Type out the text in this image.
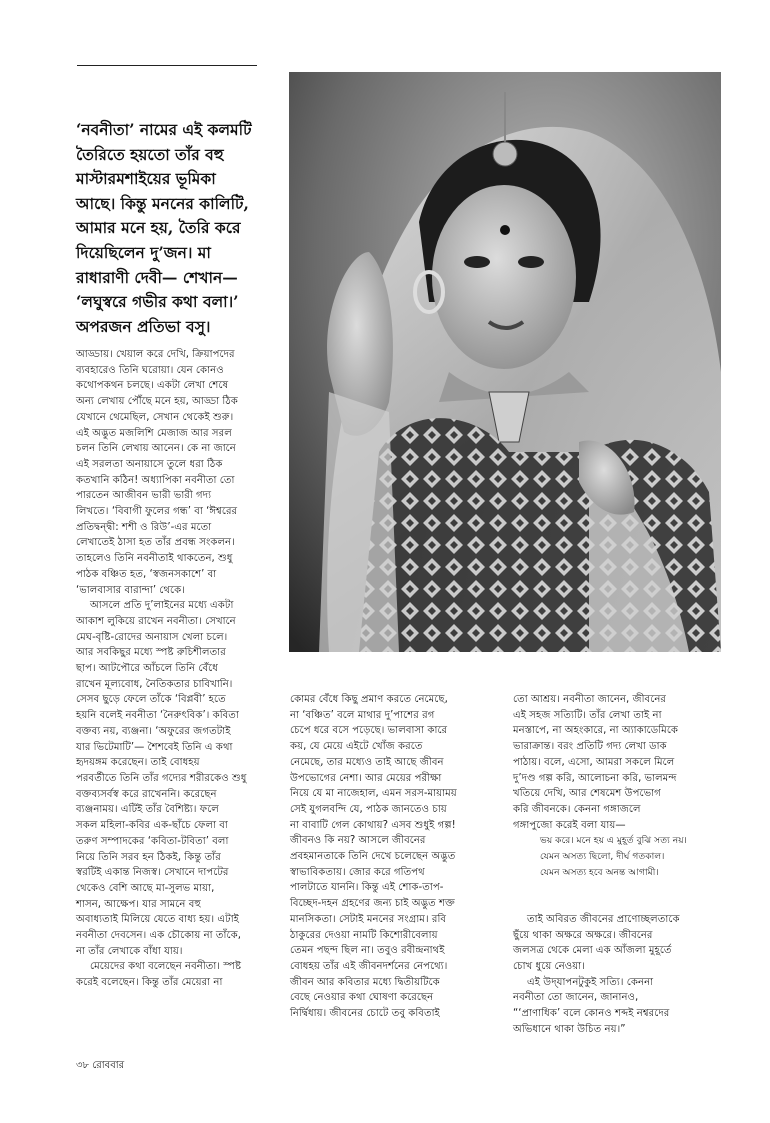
‘নবনীতা’ নামের এই কলমটি
তৈরিতে হয়তো তাঁর বহু
মাস্টারমশাইয়ের ভূমিকা
আছে। কিন্তু মননের কালিটি,
আমার মনে হয়, তৈরি করে
দিয়েছিলেন দু’জন। মা
রাধারাণী দেবী— শেখান—
‘লঘুস্বরে গভীর কথা বলা।’
অপরজন প্রতিভা বসু।
আড্ডায়। খেয়াল করে দেখি, ক্রিয়াপদের
ব্যবহারেও তিনি ঘরোয়া। যেন কোনও
কথোপকথন চলছে। একটা লেখা শেষে
অন্য লেখায় পৌঁছে মনে হয়, আড্ডা ঠিক
যেখানে থেমেছিল, সেখান থেকেই শুরু।
এই অদ্ভুত মজলিশি মেজাজ আর সরল
চলন তিনি লেখায় আনেন। কে না জানে
এই সরলতা অনায়াসে তুলে ধরা ঠিক
কতখানি কঠিন! অধ্যাপিকা নবনীতা তো
পারতেন আজীবন ভারী ভারী গদ্য
লিখতে। ‘বিবাগী ফুলের গন্ধ’ বা ‘ঈশ্বরের
প্রতিদ্বন্দ্বী: শশী ও রিউ’-এর মতো
লেখাতেই ঠাসা হত তাঁর প্রবন্ধ সংকলন।
তাহলেও তিনি নবনীতাই থাকতেন, শুধু
পাঠক বঞ্চিত হত, ‘স্বজনসকাশে’ বা
‘ভালবাসার বারান্দা’ থেকে।
আসলে প্রতি দু’লাইনের মধ্যে একটা
আকাশ লুকিয়ে রাখেন নবনীতা। সেখানে
মেঘ-বৃষ্টি-রোদের অনায়াস খেলা চলে।
আর সবকিছুর মধ্যে স্পষ্ট রুচিশীলতার
ছাপ। আটপৌরে আঁচলে তিনি বেঁধে
রাখেন মূল্যবোধ, নৈতিকতার চাবিখানি।
সেসব ছুড়ে ফেলে তাঁকে ‘বিপ্লবী’ হতে
হয়নি বলেই নবনীতা ‘নৈরুৎবিক’। কবিতা
বক্তব্য নয়, ব্যঞ্জনা। ‘অফুরের জগতটাই
যার ভিটেমাটি’— শৈশবেই তিনি এ কথা
হৃদয়ঙ্গম করেছেন। তাই বোধহয়
পরবর্তীতে তিনি তাঁর গদ্যের শরীরকেও শুধু
বক্তব্যসর্বস্ব করে রাখেননি। করেছেন
ব্যঞ্জনাময়। এটিই তাঁর বৈশিষ্ট্য। ফলে
সকল মহিলা-কবির এক-ছাঁচে ফেলা বা
তরুণ সম্পাদকের ‘কবিতা-টবিতা’ বলা
নিয়ে তিনি সরব হন ঠিকই, কিন্তু তাঁর
স্বরটিই একান্ত নিজস্ব। সেখানে দাপটের
থেকেও বেশি আছে মা-সুলভ মায়া,
শাসন, আক্ষেপ। যার সামনে বহু
অবাধ্যতাই মিলিয়ে যেতে বাধ্য হয়। এটাই
নবনীতা দেবসেন। এক চৌকোয় না তাঁকে,
না তাঁর লেখাকে বাঁধা যায়।
মেয়েদের কথা বলেছেন নবনীতা। স্পষ্ট
করেই বলেছেন। কিন্তু তাঁর মেয়েরা না
কোমর বেঁধে কিছু প্রমাণ করতে নেমেছে,
না ‘বঞ্চিত’ বলে মাথার দু’পাশের রগ
চেপে ধরে বসে পড়েছে। ভালবাসা কারে
কয়, যে মেয়ে এইটে খোঁজ করতে
নেমেছে, তার মধ্যেও তাই আছে জীবন
উপভোগের নেশা। আর মেয়ের পরীক্ষা
নিয়ে যে মা নাজেহাল, এমন সরস-মায়াময়
সেই যুগলবন্দি যে, পাঠক জানতেও চায়
না বাবাটি গেল কোথায়? এসব শুধুই গল্প!
জীবনও কি নয়? আসলে জীবনের
প্রবহমানতাকে তিনি দেখে চলেছেন অদ্ভুত
স্বাভাবিকতায়। জোর করে গতিপথ
পালটাতে যাননি। কিন্তু এই শোক-তাপ-
বিচ্ছেদ-দহন গ্রহণের জন্য চাই অদ্ভুত শক্ত
মানসিকতা। সেটাই মননের সংগ্রাম। রবি
ঠাকুরের দেওয়া নামটি কিশোরীবেলায়
তেমন পছন্দ ছিল না। তবুও রবীন্দ্রনাথই
বোধহয় তাঁর এই জীবনদর্শনের নেপথ্যে।
জীবন আর কবিতার মধ্যে দ্বিতীয়টিকে
বেছে নেওয়ার কথা ঘোষণা করেছেন
নির্দ্বিধায়। জীবনের চোটে তবু কবিতাই
তো আশ্রয়। নবনীতা জানেন, জীবনের
এই সহজ সত্যিটি। তাঁর লেখা তাই না
মনস্তাপে, না অহংকারে, না অ্যাকাডেমিকে
ভারাক্রান্ত। বরং প্রতিটি গদ্য লেখা ডাক
পাঠায়। বলে, এসো, আমরা সকলে মিলে
দু’দণ্ড গল্প করি, আলোচনা করি, ভালমন্দ
খতিয়ে দেখি, আর শেষমেশ উপভোগ
করি জীবনকে। কেননা গঙ্গাজলে
গঙ্গাপুজো করেই বলা যায়—
ভয় করে। মনে হয় এ মুহূর্ত বুঝি সত্য নয়।
যেমন অসত্য ছিলো, দীর্ঘ গতকাল।
যেমন অসত্য হবে অনন্ত আগামী।
তাই অবিরত জীবনের প্রাণোচ্ছলতাকে
ছুঁয়ে থাকা অক্ষরে অক্ষরে। জীবনের
জলসত্র থেকে মেলা এক আঁজলা মুহূর্তে
চোখ ধুয়ে নেওয়া।
এই উদ্‌যাপনটুকুই সত্যি। কেননা
নবনীতা তো জানেন, জানানও,
“‘প্রাণাধিক’ বলে কোনও শব্দই নশ্বরদের
অভিধানে থাকা উচিত নয়।”
৩৮ রোববার
